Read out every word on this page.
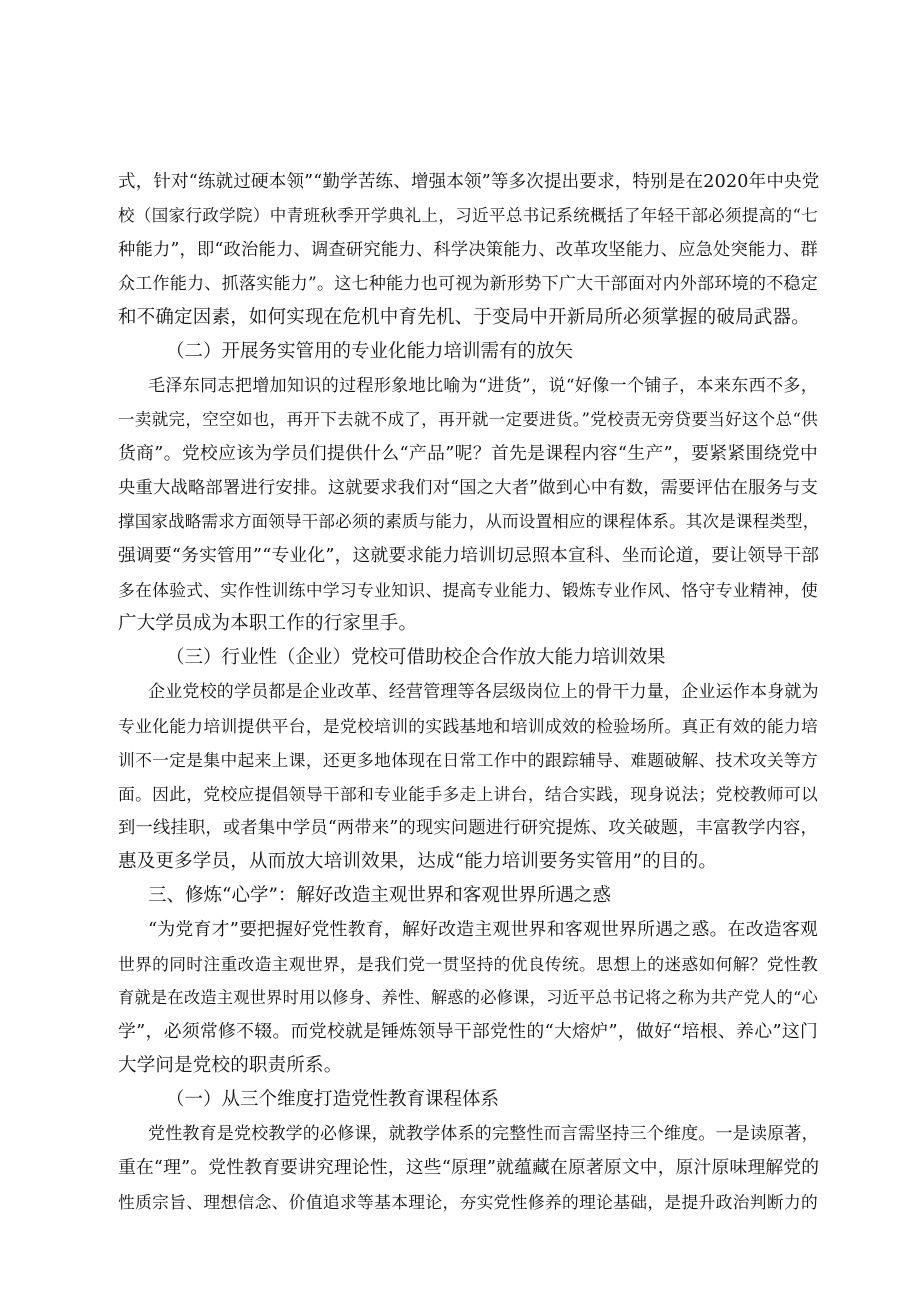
式，针对“练就过硬本领”“勤学苦练、增强本领”等多次提出要求，特别是在2020年中央党
校（国家行政学院）中青班秋季开学典礼上，习近平总书记系统概括了年轻干部必须提高的“七
种能力”，即“政治能力、调查研究能力、科学决策能力、改革攻坚能力、应急处突能力、群
众工作能力、抓落实能力”。这七种能力也可视为新形势下广大干部面对内外部环境的不稳定
和不确定因素，如何实现在危机中育先机、于变局中开新局所必须掌握的破局武器。
（二）开展务实管用的专业化能力培训需有的放矢
毛泽东同志把增加知识的过程形象地比喻为“进货”，说“好像一个铺子，本来东西不多，
一卖就完，空空如也，再开下去就不成了，再开就一定要进货。”党校责无旁贷要当好这个总“供
货商”。党校应该为学员们提供什么“产品”呢？首先是课程内容“生产”，要紧紧围绕党中
央重大战略部署进行安排。这就要求我们对“国之大者”做到心中有数，需要评估在服务与支
撑国家战略需求方面领导干部必须的素质与能力，从而设置相应的课程体系。其次是课程类型，
强调要“务实管用”“专业化”，这就要求能力培训切忌照本宣科、坐而论道，要让领导干部
多在体验式、实作性训练中学习专业知识、提高专业能力、锻炼专业作风、恪守专业精神，使
广大学员成为本职工作的行家里手。
（三）行业性（企业）党校可借助校企合作放大能力培训效果
企业党校的学员都是企业改革、经营管理等各层级岗位上的骨干力量，企业运作本身就为
专业化能力培训提供平台，是党校培训的实践基地和培训成效的检验场所。真正有效的能力培
训不一定是集中起来上课，还更多地体现在日常工作中的跟踪辅导、难题破解、技术攻关等方
面。因此，党校应提倡领导干部和专业能手多走上讲台，结合实践，现身说法；党校教师可以
到一线挂职，或者集中学员“两带来”的现实问题进行研究提炼、攻关破题，丰富教学内容，
惠及更多学员，从而放大培训效果，达成“能力培训要务实管用”的目的。
三、修炼“心学”：解好改造主观世界和客观世界所遇之惑
“为党育才”要把握好党性教育，解好改造主观世界和客观世界所遇之惑。在改造客观
世界的同时注重改造主观世界，是我们党一贯坚持的优良传统。思想上的迷惑如何解？党性教
育就是在改造主观世界时用以修身、养性、解惑的必修课，习近平总书记将之称为共产党人的“心
学”，必须常修不辍。而党校就是锤炼领导干部党性的“大熔炉”，做好“培根、养心”这门
大学问是党校的职责所系。
（一）从三个维度打造党性教育课程体系
党性教育是党校教学的必修课，就教学体系的完整性而言需坚持三个维度。一是读原著，
重在“理”。党性教育要讲究理论性，这些“原理”就蕴藏在原著原文中，原汁原味理解党的
性质宗旨、理想信念、价值追求等基本理论，夯实党性修养的理论基础，是提升政治判断力的
